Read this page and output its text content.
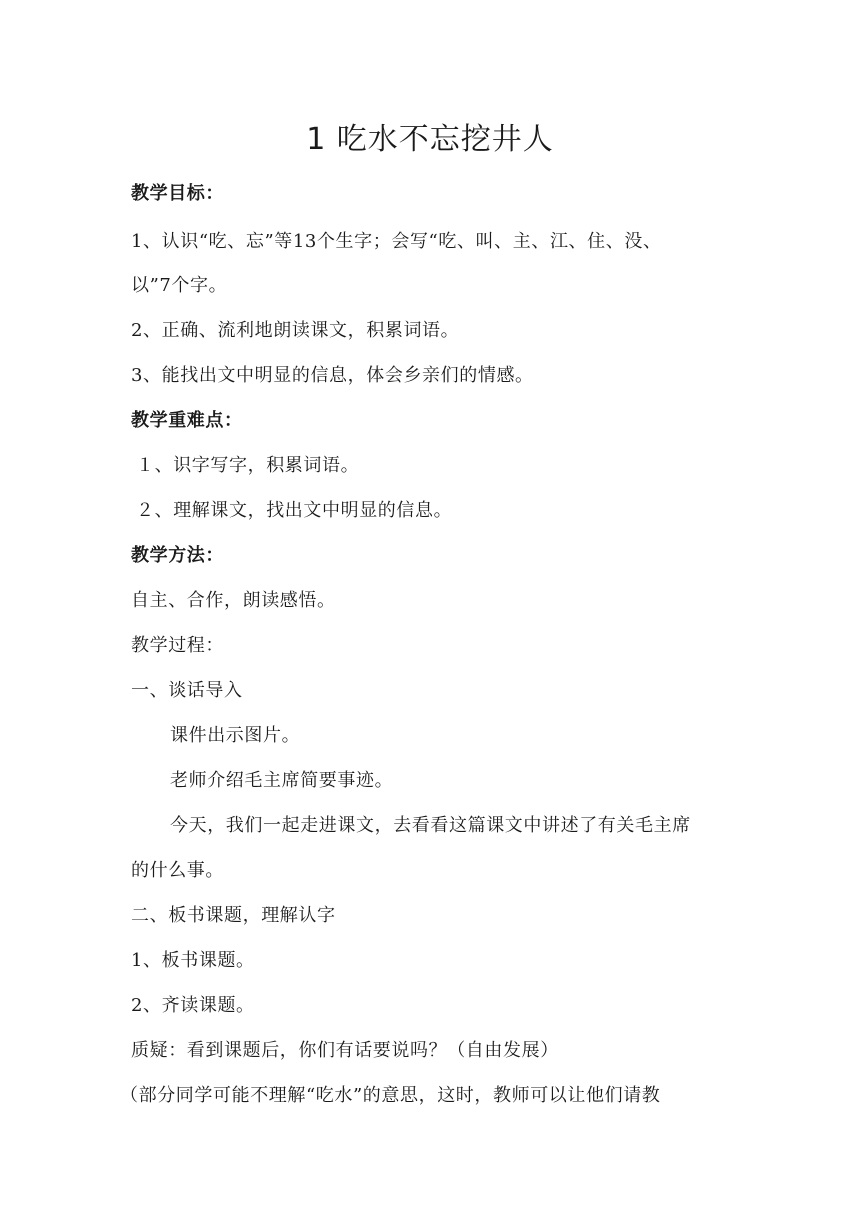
1 吃水不忘挖井人
教学目标：
1、认识“吃、忘”等13个生字；会写“吃、叫、主、江、住、没、
以”7个字。
2、正确、流利地朗读课文，积累词语。
3、能找出文中明显的信息，体会乡亲们的情感。
教学重难点：
１、识字写字，积累词语。
２、理解课文，找出文中明显的信息。
教学方法：
自主、合作，朗读感悟。
教学过程：
一、谈话导入
课件出示图片。
老师介绍毛主席简要事迹。
今天，我们一起走进课文，去看看这篇课文中讲述了有关毛主席
的什么事。
二、板书课题，理解认字
1、板书课题。
2、齐读课题。
质疑：看到课题后，你们有话要说吗？（自由发展）
（部分同学可能不理解“吃水”的意思，这时，教师可以让他们请教
